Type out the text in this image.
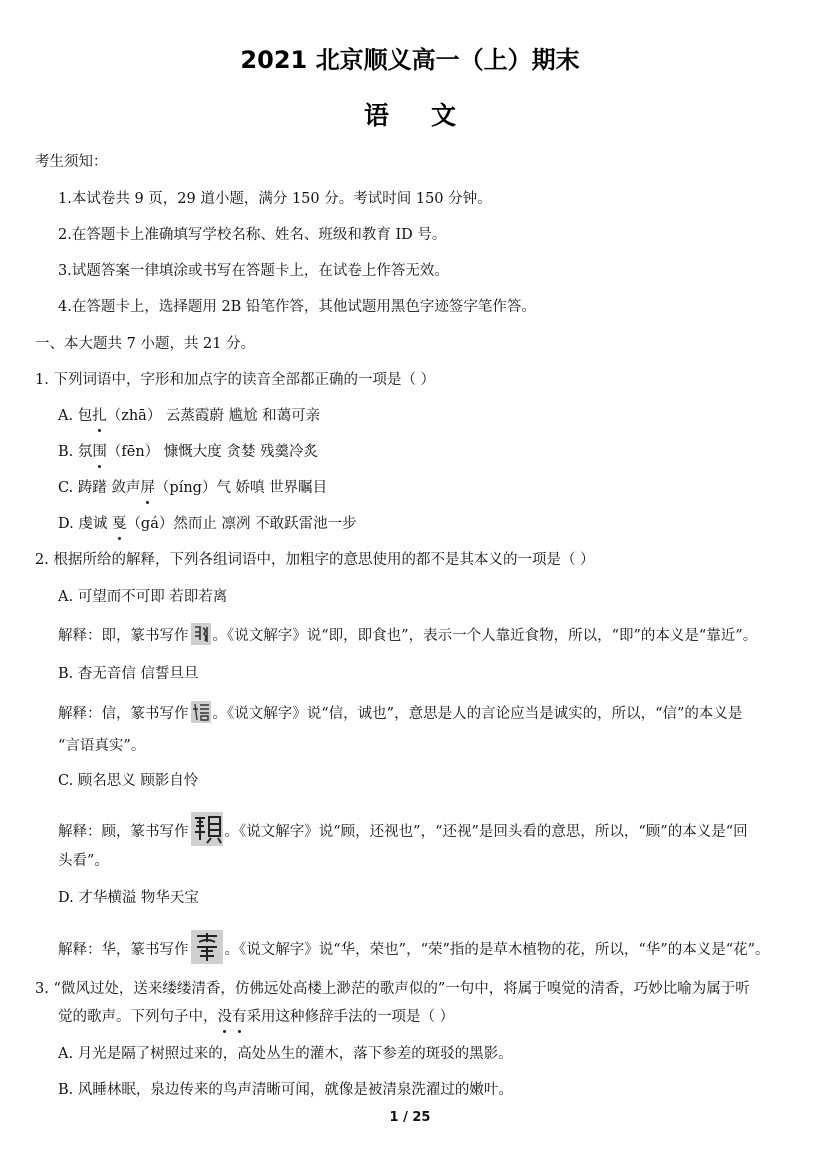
2021 北京顺义高一（上）期末
语文
考生须知：
1.本试卷共 9 页，29 道小题，满分 150 分。考试时间 150 分钟。
2.在答题卡上准确填写学校名称、姓名、班级和教育 ID 号。
3.试题答案一律填涂或书写在答题卡上，在试卷上作答无效。
4.在答题卡上，选择题用 2B 铅笔作答，其他试题用黑色字迹签字笔作答。
一、本大题共 7 小题，共 21 分。
1. 下列词语中，字形和加点字的读音全部都正确的一项是（ ）
A. 包扎（zhā） 云蒸霞蔚 尴尬 和蔼可亲
B. 氛围（fēn） 慷慨大度 贪婪 残羹冷炙
C. 踌躇 敛声屏（píng）气 娇嗔 世界瞩目
D. 虔诚 戛（gá）然而止 凛冽 不敢跃雷池一步
2. 根据所给的解释，下列各组词语中，加粗字的意思使用的都不是其本义的一项是（ ）
A. 可望而不可即 若即若离
解释：即，篆书写作 。《说文解字》说“即，即食也”，表示一个人靠近食物，所以，“即”的本义是“靠近”。
B. 杳无音信 信誓旦旦
解释：信，篆书写作 。《说文解字》说“信，诚也”，意思是人的言论应当是诚实的，所以，“信”的本义是
“言语真实”。
C. 顾名思义 顾影自怜
解释：顾，篆书写作 。《说文解字》说“顾，还视也”，“还视”是回头看的意思，所以，“顾”的本义是“回
头看”。
D. 才华横溢 物华天宝
解释：华，篆书写作 。《说文解字》说“华，荣也”，“荣”指的是草木植物的花，所以，“华”的本义是“花”。
3. “微风过处，送来缕缕清香，仿佛远处高楼上渺茫的歌声似的”一句中，将属于嗅觉的清香，巧妙比喻为属于听
觉的歌声。下列句子中，没有采用这种修辞手法的一项是（ ）
A. 月光是隔了树照过来的，高处丛生的灌木，落下参差的斑驳的黑影。
B. 风睡林眠，泉边传来的鸟声清晰可闻，就像是被清泉洗濯过的嫩叶。
1 / 25
